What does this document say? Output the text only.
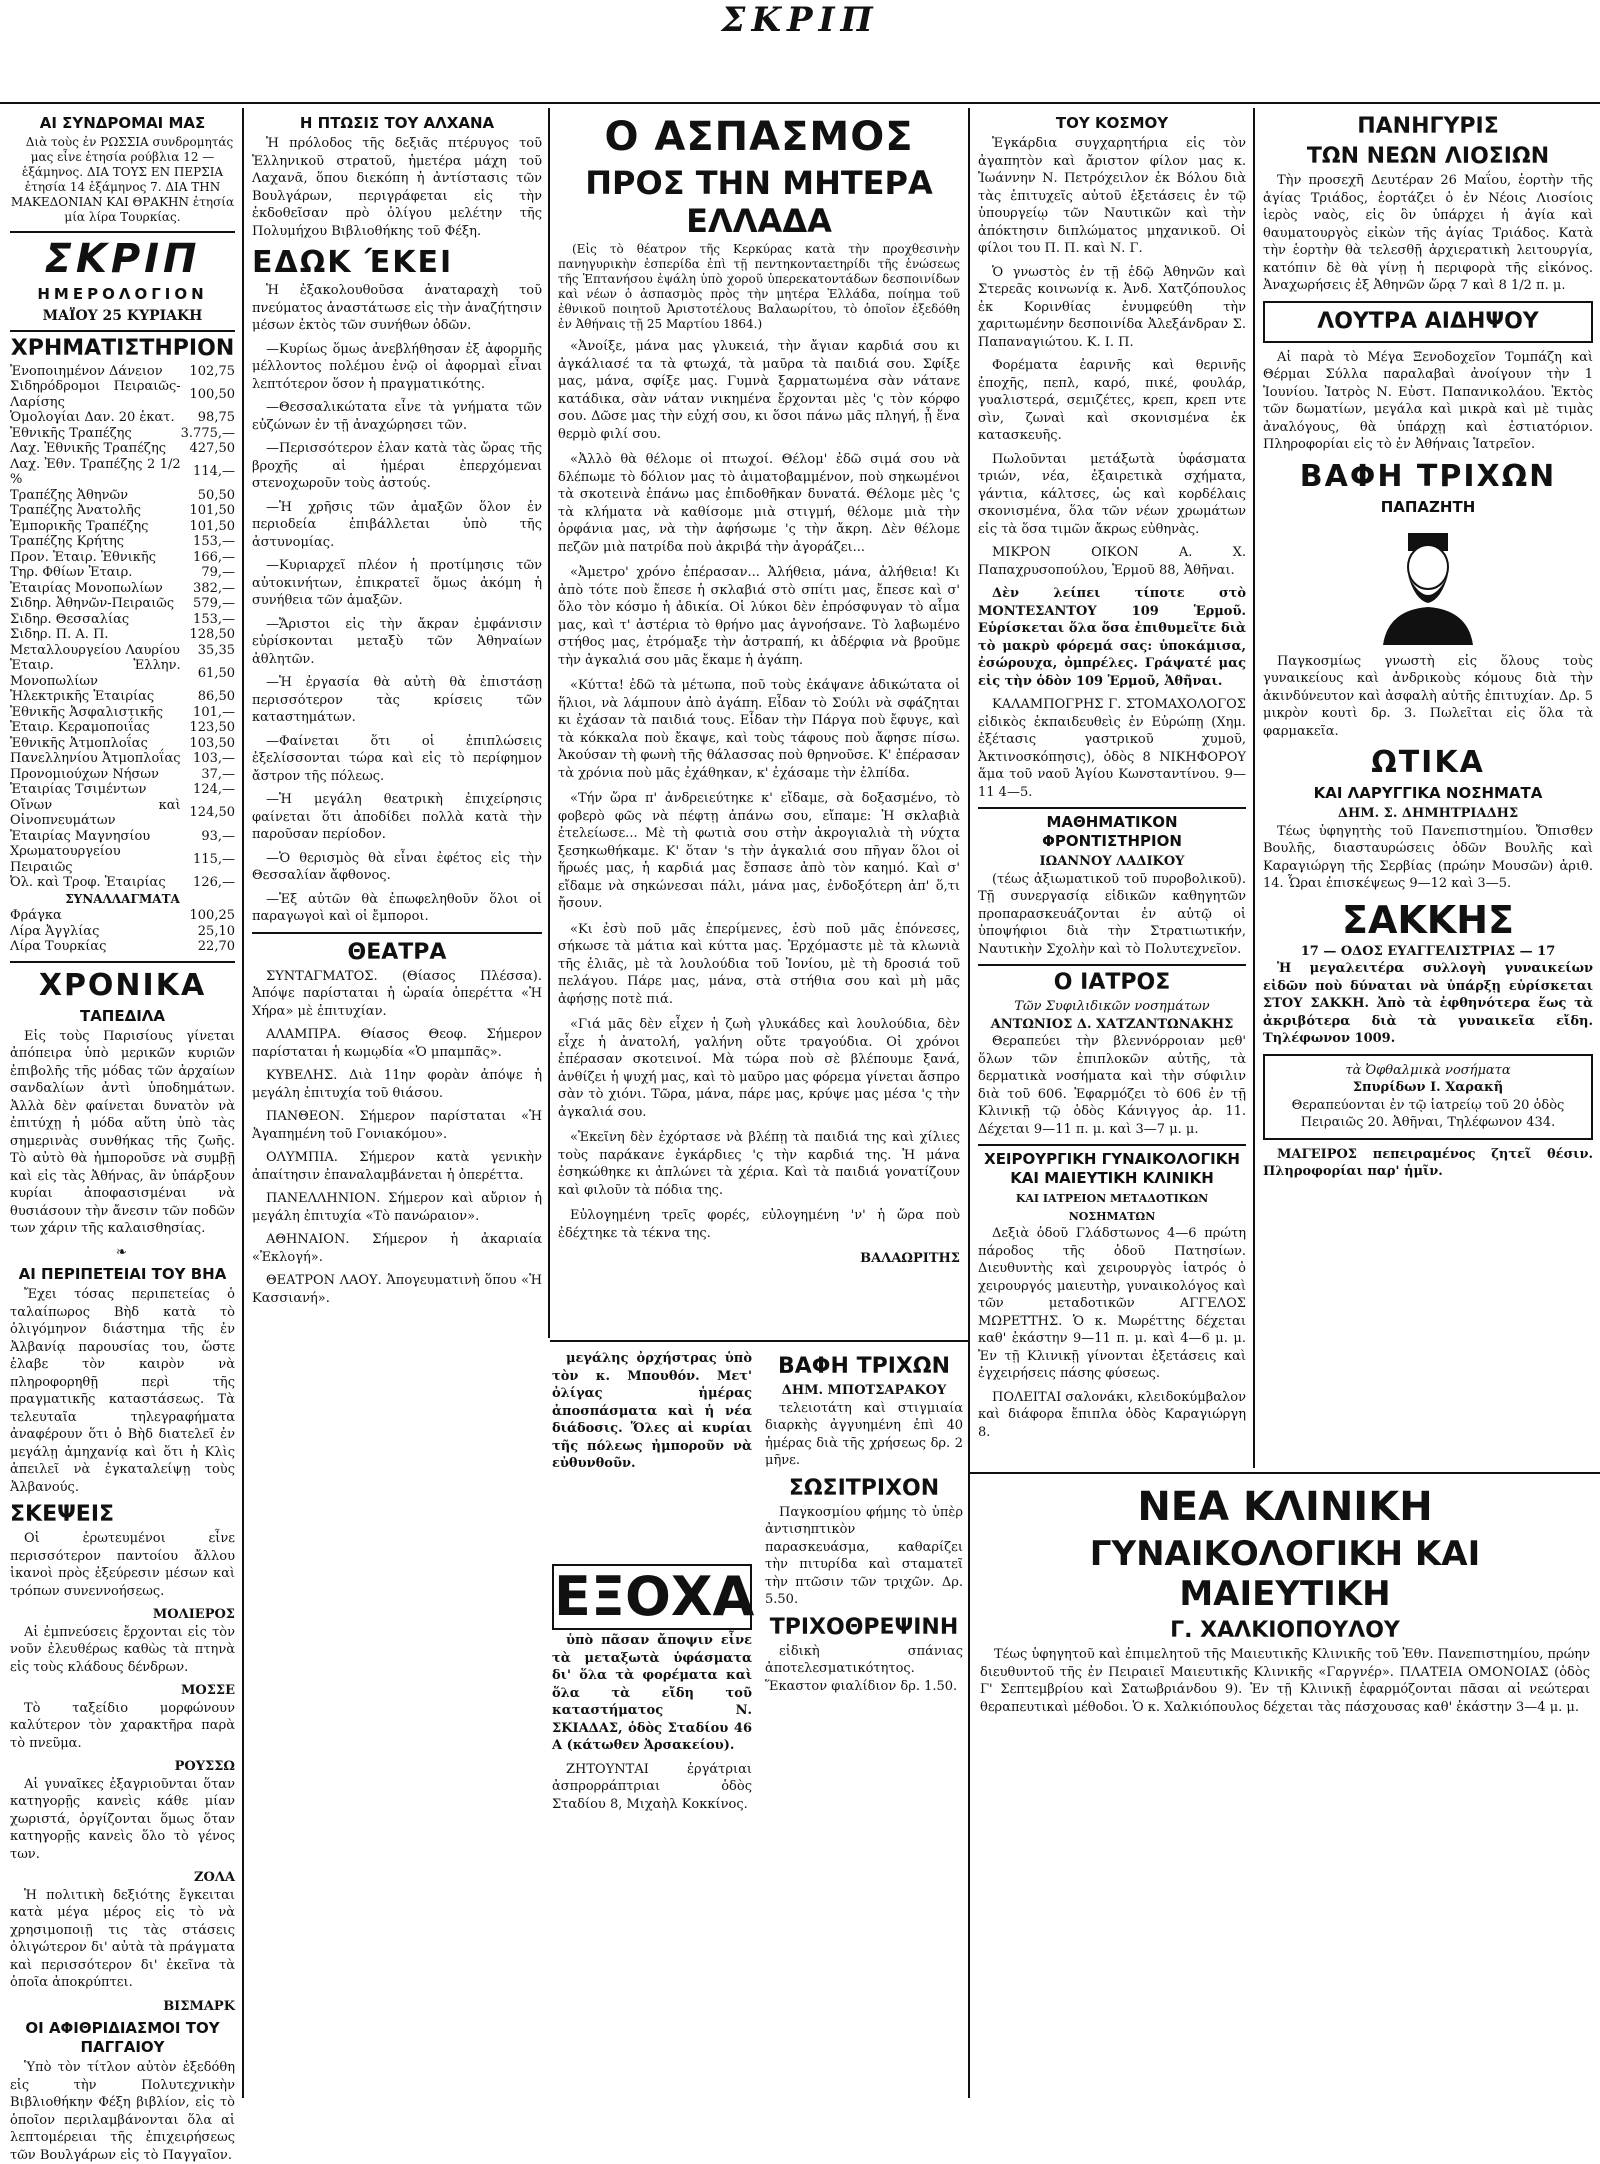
ΣΚΡΙΠ
ΑΙ ΣΥΝΔΡΟΜΑΙ ΜΑΣ
Διὰ τοὺς ἐν ΡΩΣΣΙΑ συνδρομητάς μας εἶνε ἐτησία ρούβλια 12 — ἑξάμηνος. ΔΙΑ ΤΟΥΣ ΕΝ ΠΕΡΣΙΑ ἐτησία 14 ἑξάμηνος 7. ΔΙΑ ΤΗΝ ΜΑΚΕΔΟΝΙΑΝ ΚΑΙ ΘΡΑΚΗΝ ἐτησία μία λίρα Τουρκίας.
ΣΚΡΙΠ
ΗΜΕΡΟΛΟΓΙΟΝ
ΜΑΪΟΥ 25 ΚΥΡΙΑΚΗ
ΧΡΗΜΑΤΙΣΤΗΡΙΟΝ
Ἐνοποιημένον Δάνειον	102,75
Σιδηρόδρομοι Πειραιῶς-Λαρίσης	100,50
Ὁμολογίαι Δαν. 20 ἑκατ.	98,75
Ἐθνικῆς Τραπέζης	3.775,—
Λαχ. Ἐθνικῆς Τραπέζης	427,50
Λαχ. Ἐθν. Τραπέζης 2 1/2 %	114,—
Τραπέζης Ἀθηνῶν	50,50
Τραπέζης Ἀνατολῆς	101,50
Ἐμπορικῆς Τραπέζης	101,50
Τραπέζης Κρήτης	153,—
Προν. Ἑταιρ. Ἐθνικῆς	166,—
Τηρ. Φθίων Ἑταιρ.	79,—
Ἑταιρίας Μονοπωλίων	382,—
Σιδηρ. Ἀθηνῶν-Πειραιῶς	579,—
Σιδηρ. Θεσσαλίας	153,—
Σιδηρ. Π. Α. Π.	128,50
Μεταλλουργείου Λαυρίου	35,35
Ἑταιρ. Ἑλλην. Μονοπωλίων	61,50
Ἠλεκτρικῆς Ἑταιρίας	86,50
Ἐθνικῆς Ἀσφαλιστικῆς	101,—
Ἑταιρ. Κεραμοποιΐας	123,50
Ἐθνικῆς Ἀτμοπλοΐας	103,50
Πανελληνίου Ἀτμοπλοΐας	103,—
Προνομιούχων Νήσων	37,—
Ἑταιρίας Τσιμέντων	124,—
Οἴνων καὶ Οἰνοπνευμάτων	124,50
Ἑταιρίας Μαγνησίου	93,—
Χρωματουργείου Πειραιῶς	115,—
Ὀλ. καὶ Τροφ. Ἑταιρίας	126,—
ΣΥΝΑΛΛΑΓΜΑΤΑ
Φράγκα	100,25
Λίρα Ἀγγλίας	25,10
Λίρα Τουρκίας	22,70
ΧΡΟΝΙΚΑ
ΤΑΠΕΔΙΛΑ
Εἰς τοὺς Παρισίους γίνεται ἀπόπειρα ὑπὸ μερικῶν κυριῶν ἐπιβολῆς τῆς μόδας τῶν ἀρχαίων σανδαλίων ἀντὶ ὑποδημάτων. Ἀλλὰ δὲν φαίνεται δυνατὸν νὰ ἐπιτύχῃ ἡ μόδα αὕτη ὑπὸ τὰς σημερινὰς συνθήκας τῆς ζωῆς. Τὸ αὐτὸ θὰ ἠμποροῦσε νὰ συμβῇ καὶ εἰς τὰς Ἀθήνας, ἂν ὑπάρξουν κυρίαι ἀποφασισμέναι νὰ θυσιάσουν τὴν ἄνεσιν τῶν ποδῶν των χάριν τῆς καλαισθησίας.
❧
ΑΙ ΠΕΡΙΠΕΤΕΙΑΙ ΤΟΥ ΒΗΑ
Ἔχει τόσας περιπετείας ὁ ταλαίπωρος Βὴδ κατὰ τὸ ὀλιγόμηνον διάστημα τῆς ἐν Ἀλβανίᾳ παρουσίας του, ὥστε ἐλαβε τὸν καιρὸν νὰ πληροφορηθῇ περὶ τῆς πραγματικῆς καταστάσεως. Τὰ τελευταῖα τηλεγραφήματα ἀναφέρουν ὅτι ὁ Βὴδ διατελεῖ ἐν μεγάλῃ ἀμηχανίᾳ καὶ ὅτι ἡ Κλὶς ἀπειλεῖ νὰ ἐγκαταλείψῃ τοὺς Ἀλβανούς.
ΣΚΕΨΕΙΣ
Οἱ ἐρωτευμένοι εἶνε περισσότερον παντοίου ἄλλου ἱκανοὶ πρὸς ἐξεύρεσιν μέσων καὶ τρόπων συνεννοήσεως.
ΜΟΛΙΕΡΟΣ
Αἱ ἐμπνεύσεις ἔρχονται εἰς τὸν νοῦν ἐλευθέρως καθὼς τὰ πτηνὰ εἰς τοὺς κλάδους δένδρων.
ΜΟΣΣΕ
Τὸ ταξείδιο μορφώνουν καλύτερον τὸν χαρακτῆρα παρὰ τὸ πνεῦμα.
ΡΟΥΣΣΩ
Αἱ γυναῖκες ἐξαγριοῦνται ὅταν κατηγορῇς κανεὶς κάθε μίαν χωριστά, ὀργίζονται ὅμως ὅταν κατηγορῇς κανεὶς ὅλο τὸ γένος των.
ΖΟΛΑ
Ἡ πολιτικὴ δεξιότης ἔγκειται κατὰ μέγα μέρος εἰς τὸ νὰ χρησιμοποιῇ τις τὰς στάσεις ὀλιγώτερον δι' αὐτὰ τὰ πράγματα καὶ περισσότερον δι' ἐκεῖνα τὰ ὁποῖα ἀποκρύπτει.
ΒΙΣΜΑΡΚ
ΟΙ ΑΦΙΘΡΙΔΙΑΣΜΟΙ ΤΟΥ ΠΑΓΓΑΙΟΥ
Ὑπὸ τὸν τίτλον αὐτὸν ἐξεδόθη εἰς τὴν Πολυτεχνικὴν Βιβλιοθήκην Φέξη βιβλίον, εἰς τὸ ὁποῖον περιλαμβάνονται ὅλα αἱ λεπτομέρειαι τῆς ἐπιχειρήσεως τῶν Βουλγάρων εἰς τὸ Παγγαῖον.
Η ΠΤΩΣΙΣ ΤΟΥ ΑΛΧΑΝΑ
Ἡ πρόλοδος τῆς δεξιᾶς πτέρυγος τοῦ Ἑλληνικοῦ στρατοῦ, ἡμετέρα μάχη τοῦ Λαχανᾶ, ὅπου διεκόπη ἡ ἀντίστασις τῶν Βουλγάρων, περιγράφεται εἰς τὴν ἐκδοθεῖσαν πρὸ ὀλίγου μελέτην τῆς Πολυμήχου Βιβλιοθήκης τοῦ Φέξη.
ΕΔΩΚ ΈΚΕΙ
Ἡ ἐξακολουθοῦσα ἀναταραχὴ τοῦ πνεύματος ἀναστάτωσε εἰς τὴν ἀναζήτησιν μέσων ἐκτὸς τῶν συνήθων ὁδῶν.
—Κυρίως ὅμως ἀνεβλήθησαν ἐξ ἀφορμῆς μέλλοντος πολέμου ἐνῷ οἱ ἀφορμαὶ εἶναι λεπτότερον ὅσον ἡ πραγματικότης.
—Θεσσαλικώτατα εἶνε τὰ γνήματα τῶν εὐζώνων ἐν τῇ ἀναχώρησει τῶν.
—Περισσότερον ἐλαν κατὰ τὰς ὥρας τῆς βροχῆς αἱ ἡμέραι ἐπερχόμεναι στενοχωροῦν τοὺς ἀστούς.
—Ἡ χρῆσις τῶν ἀμαξῶν ὅλον ἐν περιοδεία ἐπιβάλλεται ὑπὸ τῆς ἀστυνομίας.
—Κυριαρχεῖ πλέον ἡ προτίμησις τῶν αὐτοκινήτων, ἐπικρατεῖ ὅμως ἀκόμη ἡ συνήθεια τῶν ἁμαξῶν.
—Ἄριστοι εἰς τὴν ἄκραν ἐμφάνισιν εὑρίσκονται μεταξὺ τῶν Ἀθηναίων ἀθλητῶν.
—Ἡ ἐργασία θὰ αὐτὴ θὰ ἐπιστάσῃ περισσότερον τὰς κρίσεις τῶν καταστημάτων.
—Φαίνεται ὅτι οἱ ἐπιπλώσεις ἐξελίσσονται τώρα καὶ εἰς τὸ περίφημον ἄστρον τῆς πόλεως.
—Ἡ μεγάλη θεατρικὴ ἐπιχείρησις φαίνεται ὅτι ἀποδίδει πολλὰ κατὰ τὴν παροῦσαν περίοδον.
—Ὁ θερισμὸς θὰ εἶναι ἐφέτος εἰς τὴν Θεσσαλίαν ἄφθονος.
—Ἐξ αὐτῶν θὰ ἐπωφεληθοῦν ὅλοι οἱ παραγωγοὶ καὶ οἱ ἔμποροι.
ΘΕΑΤΡΑ
ΣΥΝΤΑΓΜΑΤΟΣ. (Θίασος Πλέσσα). Ἀπόψε παρίσταται ἡ ὡραία ὀπερέττα «Ἡ Χήρα» μὲ ἐπιτυχίαν.
ΑΛΑΜΠΡΑ. Θίασος Θεοφ. Σήμερον παρίσταται ἡ κωμῳδία «Ὁ μπαμπᾶς».
ΚΥΒΕΛΗΣ. Διὰ 11ην φορὰν ἀπόψε ἡ μεγάλη ἐπιτυχία τοῦ θιάσου.
ΠΑΝΘΕΟΝ. Σήμερον παρίσταται «Ἡ Ἀγαπημένη τοῦ Γονιακόμου».
ΟΛΥΜΠΙΑ. Σήμερον κατὰ γενικὴν ἀπαίτησιν ἐπαναλαμβάνεται ἡ ὀπερέττα.
ΠΑΝΕΛΛΗΝΙΟΝ. Σήμερον καὶ αὔριον ἡ μεγάλη ἐπιτυχία «Τὸ πανώραιον».
ΑΘΗΝΑΙΟΝ. Σήμερον ἡ ἀκαριαία «Ἐκλογή».
ΘΕΑΤΡΟΝ ΛΑΟΥ. Ἀπογευματινὴ ὅπου «Ἡ Κασσιανή».
Ο ΑΣΠΑΣΜΟΣ
ΠΡΟΣ ΤΗΝ ΜΗΤΕΡΑ ΕΛΛΑΔΑ
(Εἰς τὸ θέατρον τῆς Κερκύρας κατὰ τὴν προχθεσινὴν πανηγυρικὴν ἑσπερίδα ἐπὶ τῇ πεντηκονταετηρίδι τῆς ἑνώσεως τῆς Ἑπτανήσου ἐψάλη ὑπὸ χοροῦ ὑπερεκατοντάδων δεσποινίδων καὶ νέων ὁ ἀσπασμὸς πρὸς τὴν μητέρα Ἑλλάδα, ποίημα τοῦ ἐθνικοῦ ποιητοῦ Ἀριστοτέλους Βαλαωρίτου, τὸ ὁποῖον ἐξεδόθη ἐν Ἀθήναις τῇ 25 Μαρτίου 1864.)

«Ἀνοίξε, μάνα μας γλυκειά, τὴν ἄγιαν καρδιά σου κι ἀγκάλιασέ τα τὰ φτωχά, τὰ μαῦρα τὰ παιδιά σου. Σφίξε μας, μάνα, σφίξε μας. Γυμνὰ ξαρματωμένα σὰν νάτανε κατάδικα, σὰν νάταν νικημένα ἔρχονται μὲς 'ς τὸν κόρφο σου. Δῶσε μας τὴν εὐχή σου, κι ὅσοι πάνω μᾶς πληγή, ᾖ ἕνα θερμὸ φιλί σου.

«Ἀλλὸ θὰ θέλομε οἱ πτωχοί. Θέλομ' ἐδῶ σιμά σου νὰ δλέπωμε τὸ δόλιον μας τὸ ἀιματοβαμμένον, ποὺ σηκωμένοι τὰ σκοτεινὰ ἐπάνω μας ἐπιδοθῆκαν δυνατά. Θέλομε μὲς 'ς τὰ κλήματα νὰ καθίσομε μιὰ στιγμή, θέλομε μιὰ τὴν ὀρφάνια μας, νὰ τὴν ἀφήσωμε 'ς τὴν ἄκρη. Δὲν θέλομε πεζῶν μιὰ πατρίδα ποὺ ἀκριβά τὴν ἀγοράζει...

«Ἀμετρο' χρόνο ἐπέρασαν... Ἀλήθεια, μάνα, ἀλήθεια! Κι ἀπὸ τότε ποὺ ἔπεσε ἡ σκλαβιά στὸ σπίτι μας, ἔπεσε καὶ σ' ὅλο τὸν κόσμο ἡ ἀδικία. Οἱ λύκοι δὲν ἐπρόσφυγαν τὸ αἷμα μας, καὶ τ' ἀστέρια τὸ θρήνο μας ἀγνοήσανε. Τὸ λαβωμένο στήθος μας, ἐτρόμαξε τὴν ἀστραπή, κι ἀδέρφια νὰ βροῦμε τὴν ἀγκαλιά σου μᾶς ἔκαμε ἡ ἀγάπη.

«Κύττα! ἐδῶ τὰ μέτωπα, ποῦ τοὺς ἐκάψανε ἀδικώτατα οἱ ἥλιοι, νὰ λάμπουν ἀπὸ ἀγάπη. Εἶδαν τὸ Σούλι νὰ σφάζηται κι ἐχάσαν τὰ παιδιά τους. Εἶδαν τὴν Πάργα ποὺ ἔφυγε, καὶ τὰ κόκκαλα ποὺ ἔκαψε, καὶ τοὺς τάφους ποὺ ἄφησε πίσω. Ἀκούσαν τὴ φωνὴ τῆς θάλασσας ποὺ θρηνοῦσε. Κ' ἐπέρασαν τὰ χρόνια ποὺ μᾶς ἐχάθηκαν, κ' ἐχάσαμε τὴν ἐλπίδα.

«Τήν ὥρα π' ἀνδρειεύτηκε κ' εἴδαμε, σὰ δοξασμένο, τὸ φοβερὸ φῶς νὰ πέφτῃ ἀπάνω σου, εἴπαμε: Ἡ σκλαβιὰ ἐτελείωσε... Μὲ τὴ φωτιὰ σου στὴν ἀκρογιαλιὰ τὴ νύχτα ξεσηκωθήκαμε. Κ' ὅταν 's τὴν ἀγκαλιά σου πῆγαν ὅλοι οἱ ἥρωές μας, ἡ καρδιά μας ἔσπασε ἀπὸ τὸν καημό. Καὶ σ' εἴδαμε νὰ σηκώνεσαι πάλι, μάνα μας, ἐνδοξότερη ἀπ' ὅ,τι ἤσουν.

«Κι ἐσὺ ποῦ μᾶς ἐπερίμενες, ἐσὺ ποῦ μᾶς ἐπόνεσες, σήκωσε τὰ μάτια καὶ κύττα μας. Ἐρχόμαστε μὲ τὰ κλωνιὰ τῆς ἐλιᾶς, μὲ τὰ λουλούδια τοῦ Ἰονίου, μὲ τὴ δροσιά τοῦ πελάγου. Πάρε μας, μάνα, στὰ στήθια σου καὶ μὴ μᾶς ἀφήσῃς ποτὲ πιά.

«Γιά μᾶς δὲν εἶχεν ἡ ζωὴ γλυκάδες καὶ λουλούδια, δὲν εἶχε ἡ ἀνατολή, γαλήνη οὔτε τραγούδια. Οἱ χρόνοι ἐπέρασαν σκοτεινοί. Μὰ τώρα ποὺ σὲ βλέπουμε ξανά, ἀνθίζει ἡ ψυχή μας, καὶ τὸ μαῦρο μας φόρεμα γίνεται ἄσπρο σὰν τὸ χιόνι. Τῶρα, μάνα, πάρε μας, κρύψε μας μέσα 'ς τὴν ἀγκαλιά σου.

«Ἐκεῖνη δὲν ἐχόρτασε νὰ βλέπῃ τὰ παιδιά της καὶ χίλιες τοὺς παράκανε ἐγκάρδιες 'ς τὴν καρδιά της. Ἡ μάνα ἐσηκώθηκε κι ἁπλώνει τὰ χέρια. Καὶ τὰ παιδιά γονατίζουν καὶ φιλοῦν τὰ πόδια της.

Εὐλογημένη τρεῖς φορές, εὐλογημένη 'ν' ἡ ὥρα ποὺ ἐδέχτηκε τὰ τέκνα της.

ΒΑΛΑΩΡΙΤΗΣ
ΤΟΥ ΚΟΣΜΟΥ
Ἐγκάρδια συγχαρητήρια εἰς τὸν ἀγαπητὸν καὶ ἄριστον φίλον μας κ. Ἰωάννην Ν. Πετρόχειλον ἐκ Βόλου διὰ τὰς ἐπιτυχεῖς αὐτοῦ ἐξετάσεις ἐν τῷ ὑπουργείῳ τῶν Ναυτικῶν καὶ τὴν ἀπόκτησιν διπλώματος μηχανικοῦ. Οἱ φίλοι του Π. Π. καὶ Ν. Γ.
Ὁ γνωστὸς ἐν τῇ ἐδῷ Ἀθηνῶν καὶ Στερεᾶς κοινωνίᾳ κ. Ἀνδ. Χατζόπουλος ἐκ Κορινθίας ἐνυμφεύθη τὴν χαριτωμένην δεσποινίδα Ἀλεξάνδραν Σ. Παπαναγιώτου. Κ. Ι. Π.
Φορέματα ἐαρινῆς καὶ θερινῆς ἐποχῆς, πεπλ, καρό, πικέ, φουλάρ, γυαλιστερά, σεμιζέτες, κρεπ, κρεπ ντε σὶν, ζωναὶ καὶ σκονισμένα ἐκ κατασκευῆς.
Πωλοῦνται μετάξωτὰ ὑφάσματα τριών, νέα, ἐξαιρετικὰ σχήματα, γάντια, κάλτσες, ὡς καὶ κορδέλαις σκονισμένα, ὅλα τῶν νέων χρωμάτων εἰς τὰ ὅσα τιμῶν ἄκρως εὐθηνὰς.
ΜΙΚΡΟΝ ΟΙΚΟΝ Α. Χ. Παπαχρυσοπούλου, Ἑρμοῦ 88, Ἀθῆναι.
Δὲν λείπει τίποτε στὸ ΜΟΝΤΕΣΑΝΤΟΥ 109 Ἑρμοῦ. Εὑρίσκεται ὅλα ὅσα ἐπιθυμεῖτε διὰ τὸ μακρὺ φόρεμά σας: ὑποκάμισα, ἐσώρουχα, ὀμπρέλες. Γράψατέ μας εἰς τὴν ὁδὸν 109 Ἑρμοῦ, Ἀθῆναι.
ΚΑΛΑΜΠΟΓΡΗΣ Γ. ΣΤΟΜΑΧΟΛΟΓΟΣ εἰδικὸς ἐκπαιδευθεὶς ἐν Εὐρώπῃ (Χημ. ἐξέτασις γαστρικοῦ χυμοῦ, Ἀκτινοσκόπησις), ὁδὸς 8 ΝΙΚΗΦΟΡΟΥ ἅμα τοῦ ναοῦ Ἁγίου Κωνσταντίνου. 9—11 4—5.
ΜΑΘΗΜΑΤΙΚΟΝ ΦΡΟΝΤΙΣΤΗΡΙΟΝ
ΙΩΑΝΝΟΥ ΛΑΔΙΚΟΥ
(τέως ἀξιωματικοῦ τοῦ πυροβολικοῦ). Τῇ συνεργασίᾳ εἰδικῶν καθηγητῶν προπαρασκευάζονται ἐν αὐτῷ οἱ ὑποψήφιοι διὰ τὴν Στρατιωτικήν, Ναυτικὴν Σχολὴν καὶ τὸ Πολυτεχνεῖον.
Ο ΙΑΤΡΟΣ
Τῶν Συφιλιδικῶν νοσημάτων
ΑΝΤΩΝΙΟΣ Δ. ΧΑΤΖΑΝΤΩΝΑΚΗΣ
Θεραπεύει τὴν βλεννόρροιαν μεθ' ὅλων τῶν ἐπιπλοκῶν αὐτῆς, τὰ δερματικὰ νοσήματα καὶ τὴν σύφιλιν διὰ τοῦ 606. Ἐφαρμόζει τὸ 606 ἐν τῇ Κλινικῇ τῷ ὁδὸς Κάνιγγος ἀρ. 11. Δέχεται 9—11 π. μ. καὶ 3—7 μ. μ.
ΧΕΙΡΟΥΡΓΙΚΗ ΓΥΝΑΙΚΟΛΟΓΙΚΗ ΚΑΙ ΜΑΙΕΥΤΙΚΗ ΚΛΙΝΙΚΗ
ΚΑΙ ΙΑΤΡΕΙΟΝ ΜΕΤΑΔΟΤΙΚΩΝ ΝΟΣΗΜΑΤΩΝ
Δεξιὰ ὁδοῦ Γλάδστωνος 4—6 πρώτη πάροδος τῆς ὁδοῦ Πατησίων. Διευθυντὴς καὶ χειρουργὸς ἰατρός ὁ χειρουργός μαιευτὴρ, γυναικολόγος καὶ τῶν μεταδοτικῶν ΑΓΓΕΛΟΣ ΜΩΡΕΤΤΗΣ. Ὁ κ. Μωρέττης δέχεται καθ' ἑκάστην 9—11 π. μ. καὶ 4—6 μ. μ. Ἐν τῇ Κλινικῇ γίνονται ἐξετάσεις καὶ ἐγχειρήσεις πάσης φύσεως.
ΠΟΛΕΙΤΑΙ σαλονάκι, κλειδοκύμβαλον καὶ διάφορα ἔπιπλα ὁδὸς Καραγιώργη 8.
ΠΑΝΗΓΥΡΙΣ
ΤΩΝ ΝΕΩΝ ΛΙΟΣΙΩΝ
Τὴν προσεχῆ Δευτέραν 26 Μαΐου, ἑορτὴν τῆς ἁγίας Τριάδος, ἑορτάζει ὁ ἐν Νέοις Λιοσίοις ἱερὸς ναὸς, εἰς ὃν ὑπάρχει ἡ ἀγία καὶ θαυματουργὸς εἰκὼν τῆς ἁγίας Τριάδος. Κατὰ τὴν ἑορτὴν θὰ τελεσθῇ ἀρχιερατικὴ λειτουργία, κατόπιν δὲ θὰ γίνῃ ἡ περιφορὰ τῆς εἰκόνος. Ἀναχωρήσεις ἐξ Ἀθηνῶν ὥρᾳ 7 καὶ 8 1/2 π. μ.
ΛΟΥΤΡΑ ΑΙΔΗΨΟΥ
Αἱ παρὰ τὸ Μέγα Ξενοδοχεῖον Τομπάζη καὶ Θέρμαι Σύλλα παραλαβαὶ ἀνοίγουν τὴν 1 Ἰουνίου. Ἰατρὸς Ν. Εὐστ. Παπανικολάου. Ἐκτὸς τῶν δωματίων, μεγάλα καὶ μικρὰ καὶ μὲ τιμὰς ἀναλόγους, θὰ ὑπάρχῃ καὶ ἐστιατόριον. Πληροφορίαι εἰς τὸ ἐν Ἀθήναις Ἱατρεῖον.
ΒΑΦΗ ΤΡΙΧΩΝ
ΠΑΠΑΖΗΤΗ
Παγκοσμίως γνωστὴ εἰς ὅλους τοὺς γυναικείους καὶ ἀνδρικοὺς κόμους διὰ τὴν ἀκινδύνευτον καὶ ἀσφαλὴ αὐτῆς ἐπιτυχίαν. Δρ. 5 μικρὸν κουτὶ δρ. 3. Πωλεῖται εἰς ὅλα τὰ φαρμακεῖα.
ΩΤΙΚΑ
ΚΑΙ ΛΑΡΥΓΓΙΚΑ ΝΟΣΗΜΑΤΑ
ΔΗΜ. Σ. ΔΗΜΗΤΡΙΑΔΗΣ
Τέως ὑφηγητὴς τοῦ Πανεπιστημίου. Ὄπισθεν Βουλῆς, διασταυρώσεις ὁδῶν Βουλῆς καὶ Καραγιώργη τῆς Σερβίας (πρώην Μουσῶν) ἀριθ. 14. Ὧραι ἐπισκέψεως 9—12 καὶ 3—5.
ΣΑΚΚΗΣ
17 — ΟΔΟΣ ΕΥΑΓΓΕΛΙΣΤΡΙΑΣ — 17
Ἡ μεγαλειτέρα συλλογὴ γυναικείων εἰδῶν ποὺ δύναται νὰ ὑπάρξῃ εὑρίσκεται ΣΤΟΥ ΣΑΚΚΗ. Ἀπὸ τὰ ἐφθηνότερα ἕως τὰ ἀκριβότερα διὰ τὰ γυναικεῖα εἴδη. Τηλέφωνον 1009.
τὰ Ὀφθαλμικὰ νοσήματα
Σπυρίδων Ι. Χαρακῆ
Θεραπεύονται ἐν τῷ ἰατρείῳ τοῦ 20 ὁδὸς Πειραιῶς 20. Ἀθῆναι, Τηλέφωνον 434.
ΜΑΓΕΙΡΟΣ πεπειραμένος ζητεῖ θέσιν. Πληροφορίαι παρ' ἡμῖν.
μεγάλης ὀρχήστρας ὑπὸ τὸν κ. Μπουθόν. Μετ' ὀλίγας ἡμέρας ἀποσπάσματα καὶ ἡ νέα διάδοσις. Ὅλες αἱ κυρίαι τῆς πόλεως ἠμποροῦν νὰ εὐθυνθοῦν.
ΕΞΟΧΑ
ὑπὸ πᾶσαν ἄποψιν εἶνε τὰ μεταξωτὰ ὑφάσματα δι' ὅλα τὰ φορέματα καὶ ὅλα τὰ εἴδη τοῦ καταστήματος Ν. ΣΚΙΑΔΑΣ, ὁδὸς Σταδίου 46 Α (κάτωθεν Ἀρσακείου).
ΖΗΤΟΥΝΤΑΙ ἐργάτριαι ἀσπρορράπτριαι ὁδὸς Σταδίου 8, Μιχαὴλ Κοκκίνος.
ΒΑΦΗ ΤΡΙΧΩΝ
ΔΗΜ. ΜΠΟΤΣΑΡΑΚΟΥ
τελειοτάτη καὶ στιγμιαία διαρκὴς ἀγγυημένη ἐπὶ 40 ἡμέρας διὰ τῆς χρήσεως δρ. 2 μῆνε.
ΣΩΣΙΤΡΙΧΟΝ
Παγκοσμίου φήμης τὸ ὑπὲρ ἀντισηπτικὸν παρασκευάσμα, καθαρίζει τὴν πιτυρίδα καὶ σταματεῖ τὴν πτῶσιν τῶν τριχῶν. Δρ. 5.50.
ΤΡΙΧΟΘΡΕΨΙΝΗ
εἰδικὴ σπάνιας ἀποτελεσματικότητος. Ἕκαστον φιαλίδιον δρ. 1.50.
ΝΕΑ ΚΛΙΝΙΚΗ
ΓΥΝΑΙΚΟΛΟΓΙΚΗ ΚΑΙ ΜΑΙΕΥΤΙΚΗ
Γ. ΧΑΛΚΙΟΠΟΥΛΟΥ
Τέως ὑφηγητοῦ καὶ ἐπιμελητοῦ τῆς Μαιευτικῆς Κλινικῆς τοῦ Ἐθν. Πανεπιστημίου, πρώην διευθυντοῦ τῆς ἐν Πειραιεῖ Μαιευτικῆς Κλινικῆς «Γαργνέρ». ΠΛΑΤΕΙΑ ΟΜΟΝΟΙΑΣ (ὁδὸς Γ' Σεπτεμβρίου καὶ Σατωβριάνδου 9). Ἐν τῇ Κλινικῇ ἐφαρμόζονται πᾶσαι αἱ νεώτεραι θεραπευτικαὶ μέθοδοι. Ὁ κ. Χαλκιόπουλος δέχεται τὰς πάσχουσας καθ' ἑκάστην 3—4 μ. μ.
